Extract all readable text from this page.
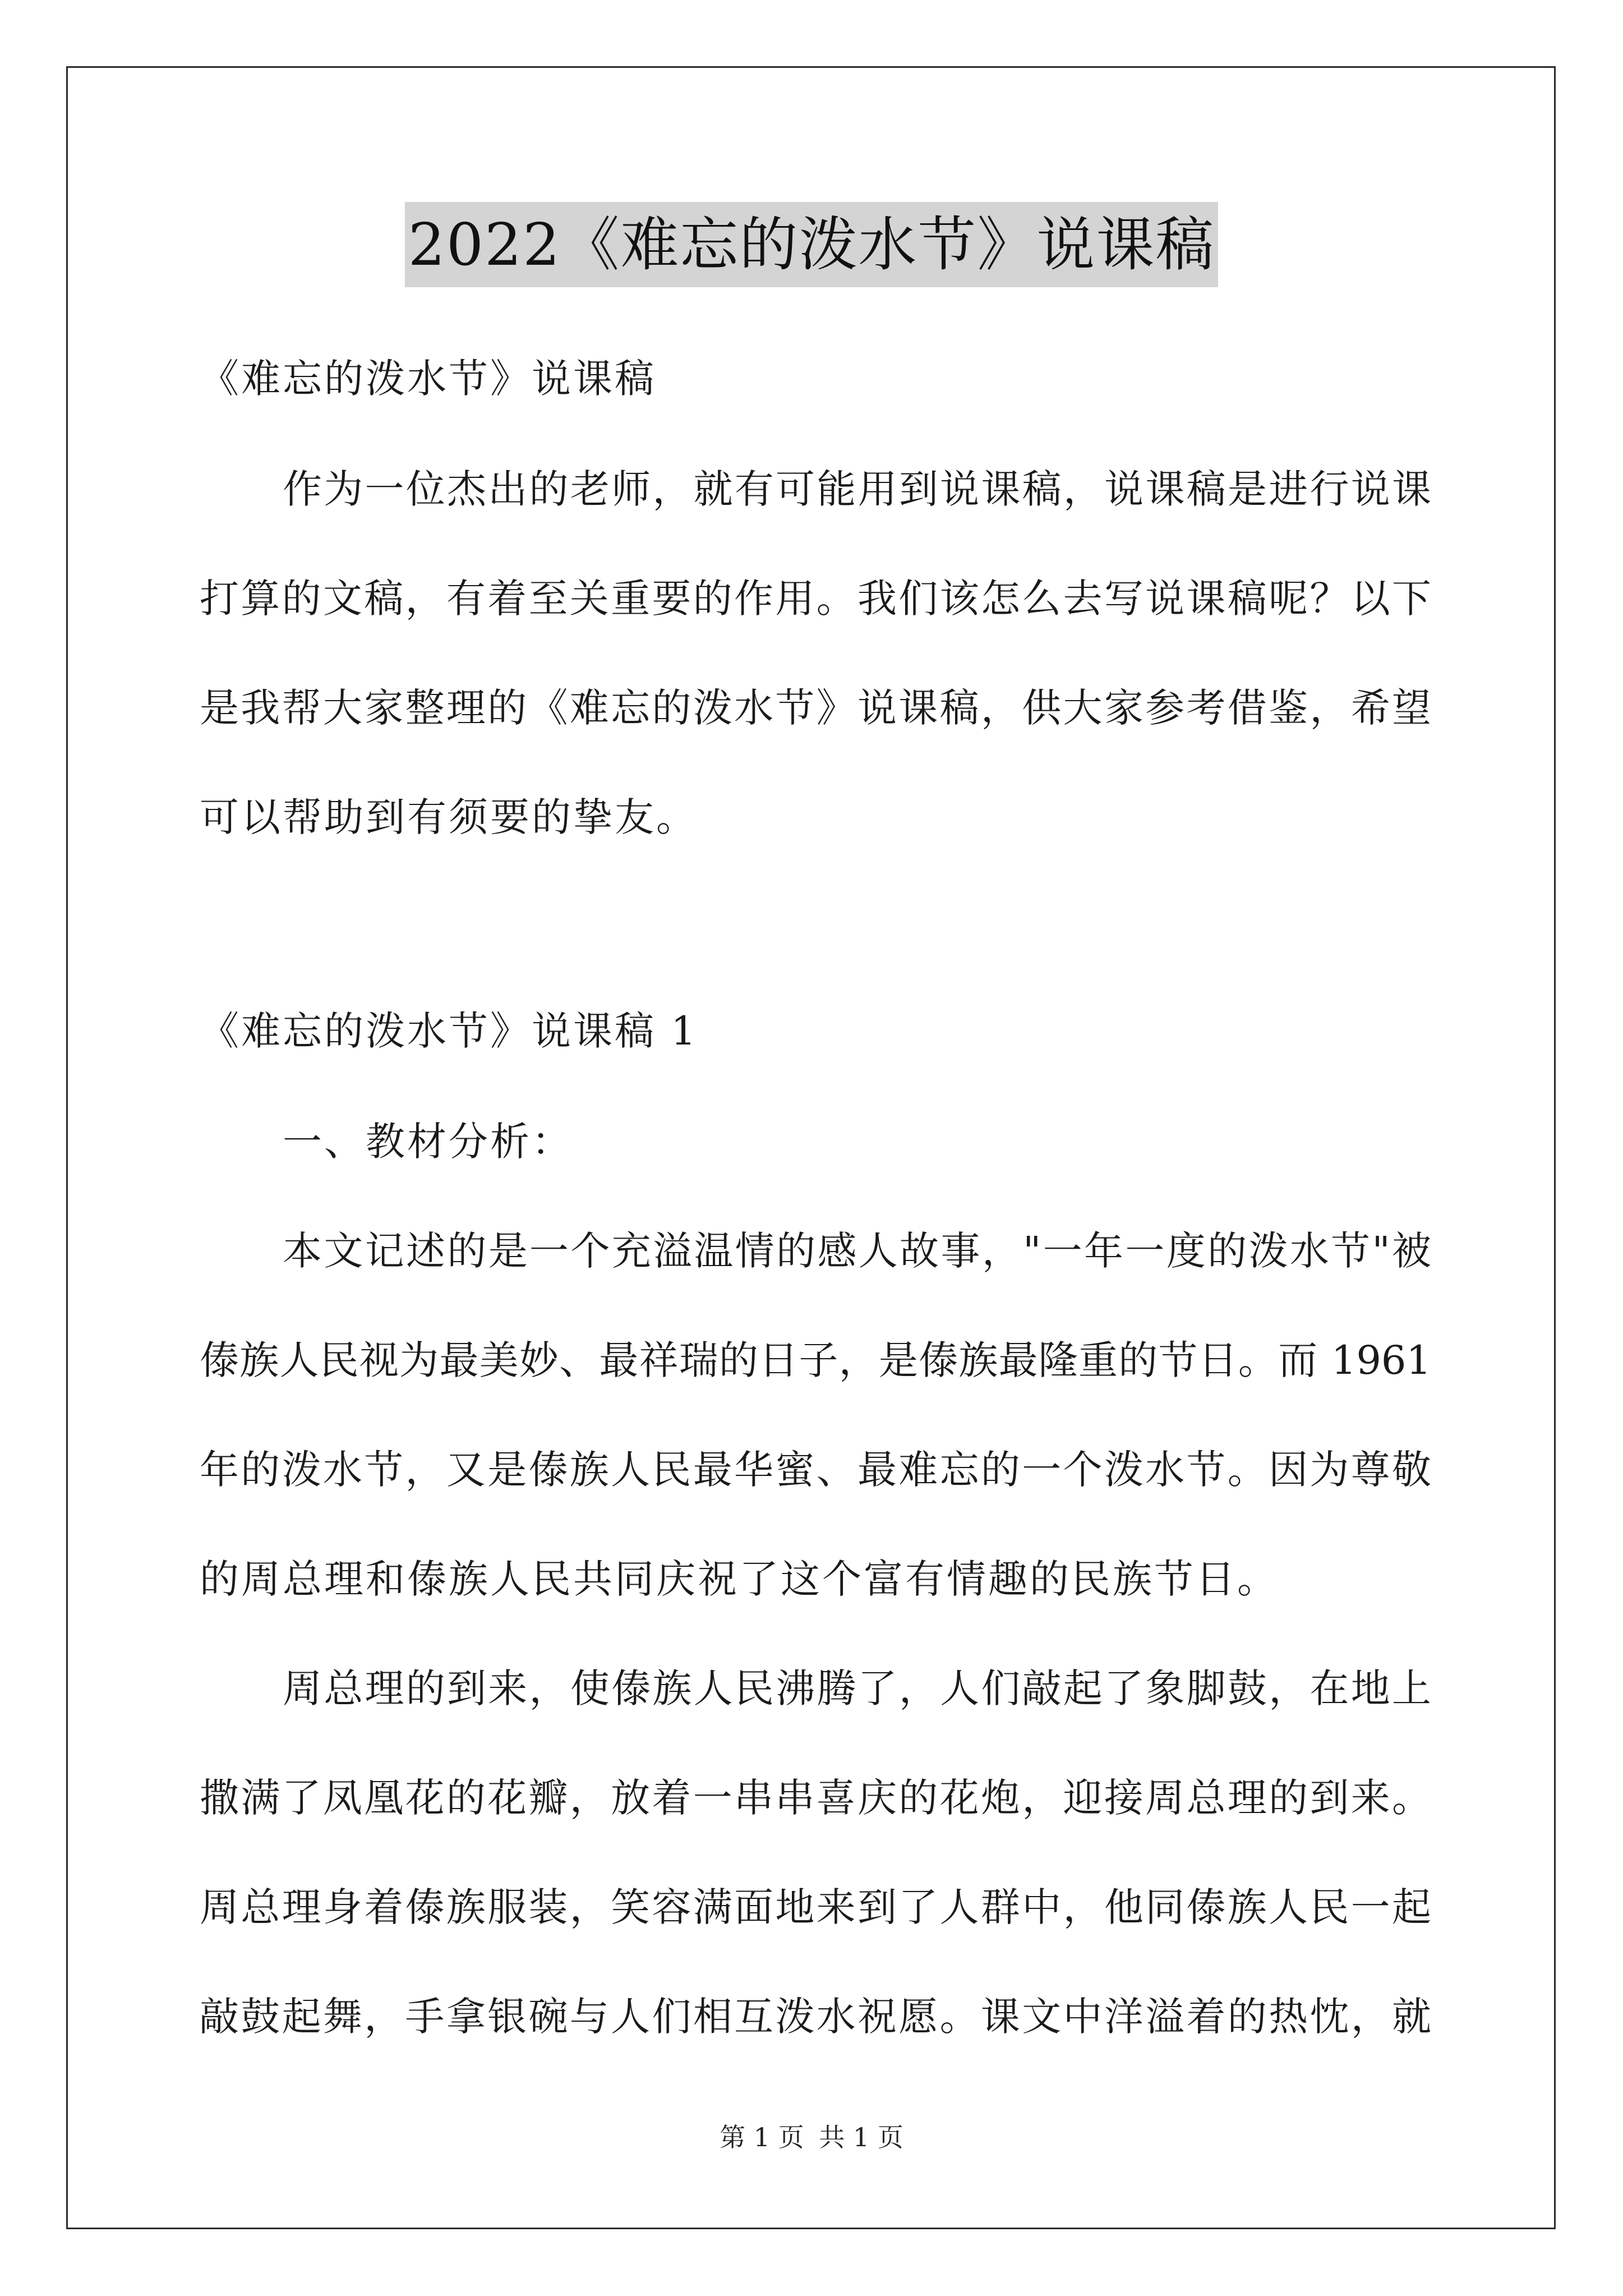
2022《难忘的泼水节》说课稿
《难忘的泼水节》说课稿
作为一位杰出的老师，就有可能用到说课稿，说课稿是进行说课
打算的文稿，有着至关重要的作用。我们该怎么去写说课稿呢？以下
是我帮大家整理的《难忘的泼水节》说课稿，供大家参考借鉴，希望
可以帮助到有须要的挚友。
《难忘的泼水节》说课稿 1
一、教材分析：
本文记述的是一个充溢温情的感人故事，"一年一度的泼水节"被
傣族人民视为最美妙、最祥瑞的日子，是傣族最隆重的节日。而 1961
年的泼水节，又是傣族人民最华蜜、最难忘的一个泼水节。因为尊敬
的周总理和傣族人民共同庆祝了这个富有情趣的民族节日。
周总理的到来，使傣族人民沸腾了，人们敲起了象脚鼓，在地上
撒满了凤凰花的花瓣，放着一串串喜庆的花炮，迎接周总理的到来。
周总理身着傣族服装，笑容满面地来到了人群中，他同傣族人民一起
敲鼓起舞，手拿银碗与人们相互泼水祝愿。课文中洋溢着的热忱，就
第 1 页 共 1 页
